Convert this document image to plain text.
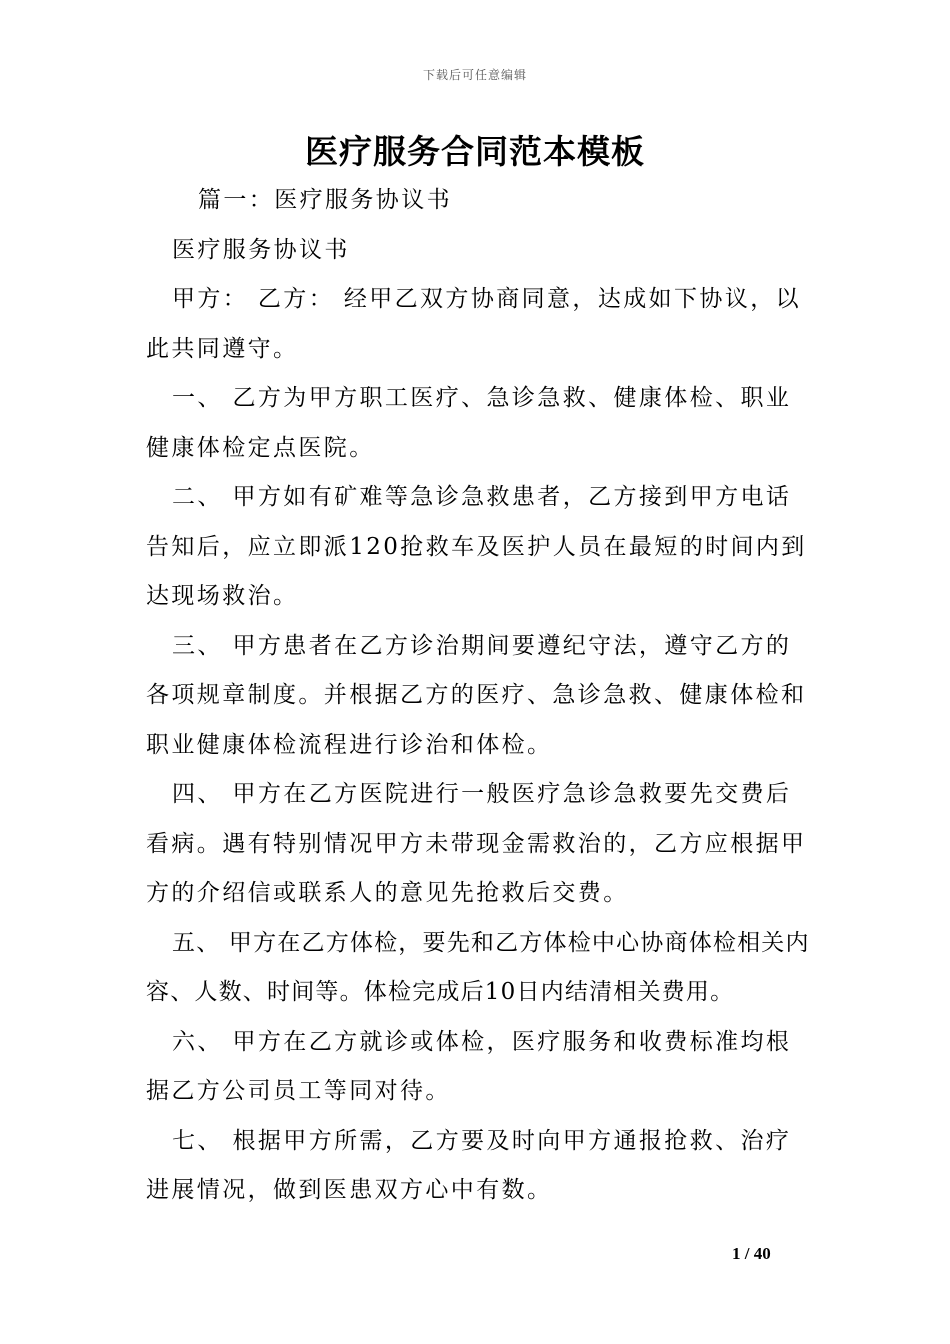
下载后可任意编辑
医疗服务合同范本模板

篇一：医疗服务协议书

医疗服务协议书

甲方： 乙方： 经甲乙双方协商同意，达成如下协议，以此共同遵守。

一、 乙方为甲方职工医疗、急诊急救、健康体检、职业健康体检定点医院。

二、 甲方如有矿难等急诊急救患者，乙方接到甲方电话告知后，应立即派120抢救车及医护人员在最短的时间内到达现场救治。

三、 甲方患者在乙方诊治期间要遵纪守法，遵守乙方的各项规章制度。并根据乙方的医疗、急诊急救、健康体检和职业健康体检流程进行诊治和体检。

四、 甲方在乙方医院进行一般医疗急诊急救要先交费后看病。遇有特别情况甲方未带现金需救治的，乙方应根据甲方的介绍信或联系人的意见先抢救后交费。

五、 甲方在乙方体检，要先和乙方体检中心协商体检相关内容、人数、时间等。体检完成后10日内结清相关费用。

六、 甲方在乙方就诊或体检，医疗服务和收费标准均根据乙方公司员工等同对待。

七、 根据甲方所需，乙方要及时向甲方通报抢救、治疗进展情况，做到医患双方心中有数。

1 / 40
